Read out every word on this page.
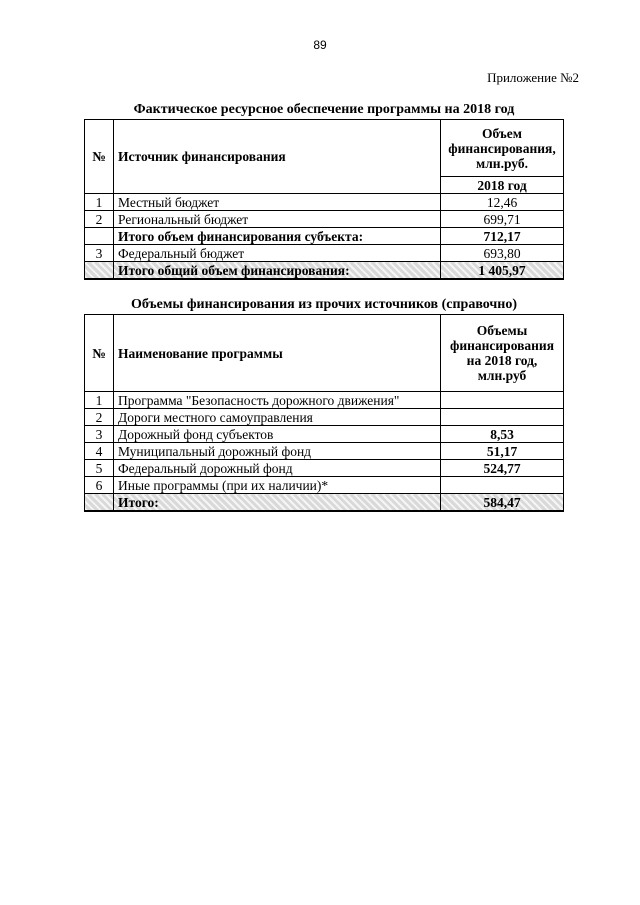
89
Приложение №2
Фактическое ресурсное обеспечение программы на 2018 год
№	Источник финансирования	Объем финансирования, млн.руб.
		2018 год
1	Местный бюджет	12,46
2	Региональный бюджет	699,71
	Итого объем финансирования субъекта:	712,17
3	Федеральный бюджет	693,80
	Итого общий объем финансирования:	1 405,97
Объемы финансирования из прочих источников (справочно)
№	Наименование программы	Объемы финансирования на 2018 год, млн.руб
1	Программа "Безопасность дорожного движения"	
2	Дороги местного самоуправления	
3	Дорожный фонд субъектов	8,53
4	Муниципальный дорожный фонд	51,17
5	Федеральный дорожный фонд	524,77
6	Иные программы (при их наличии)*	
	Итого:	584,47
